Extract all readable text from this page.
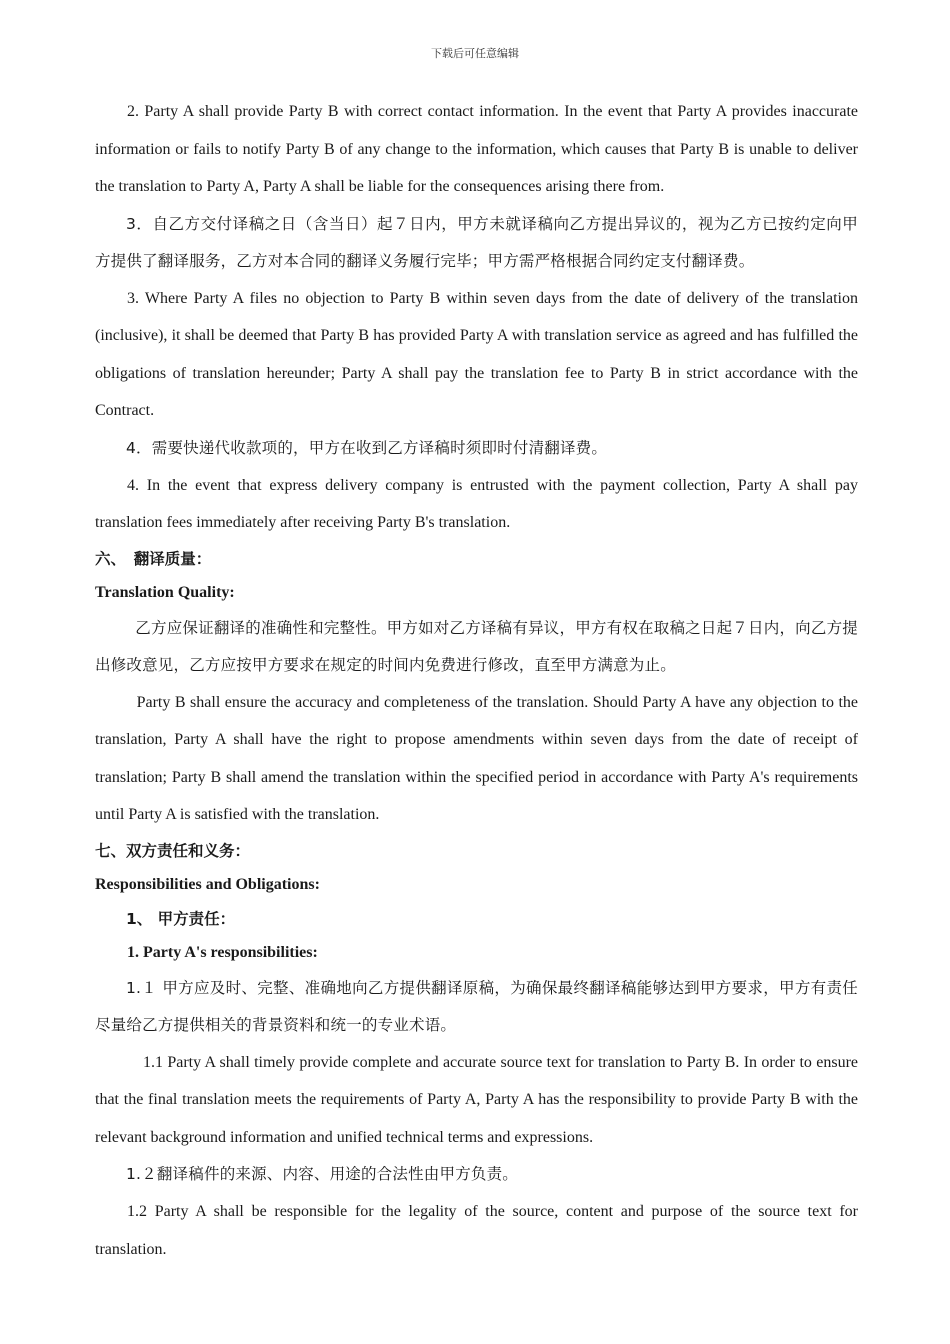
下载后可任意编辑

2. Party A shall provide Party B with correct contact information. In the event that Party A provides inaccurate information or fails to notify Party B of any change to the information, which causes that Party B is unable to deliver the translation to Party A, Party A shall be liable for the consequences arising there from.

3．自乙方交付译稿之日（含当日）起７日内，甲方未就译稿向乙方提出异议的，视为乙方已按约定向甲方提供了翻译服务，乙方对本合同的翻译义务履行完毕；甲方需严格根据合同约定支付翻译费。

3. Where Party A files no objection to Party B within seven days from the date of delivery of the translation (inclusive), it shall be deemed that Party B has provided Party A with translation service as agreed and has fulfilled the obligations of translation hereunder; Party A shall pay the translation fee to Party B in strict accordance with the Contract.

4．需要快递代收款项的，甲方在收到乙方译稿时须即时付清翻译费。

4. In the event that express delivery company is entrusted with the payment collection, Party A shall pay translation fees immediately after receiving Party B's translation.

六、　翻译质量：

Translation Quality:

乙方应保证翻译的准确性和完整性。甲方如对乙方译稿有异议，甲方有权在取稿之日起７日内，向乙方提出修改意见，乙方应按甲方要求在规定的时间内免费进行修改，直至甲方满意为止。

Party B shall ensure the accuracy and completeness of the translation. Should Party A have any objection to the translation, Party A shall have the right to propose amendments within seven days from the date of receipt of translation; Party B shall amend the translation within the specified period in accordance with Party A's requirements until Party A is satisfied with the translation.

七、双方责任和义务：

Responsibilities and Obligations:

1、 甲方责任：

1. Party A's responsibilities:

1.１ 甲方应及时、完整、准确地向乙方提供翻译原稿，为确保最终翻译稿能够达到甲方要求，甲方有责任尽量给乙方提供相关的背景资料和统一的专业术语。

1.1 Party A shall timely provide complete and accurate source text for translation to Party B. In order to ensure that the final translation meets the requirements of Party A, Party A has the responsibility to provide Party B with the relevant background information and unified technical terms and expressions.

1.２翻译稿件的来源、内容、用途的合法性由甲方负责。

1.2 Party A shall be responsible for the legality of the source, content and purpose of the source text for translation.
